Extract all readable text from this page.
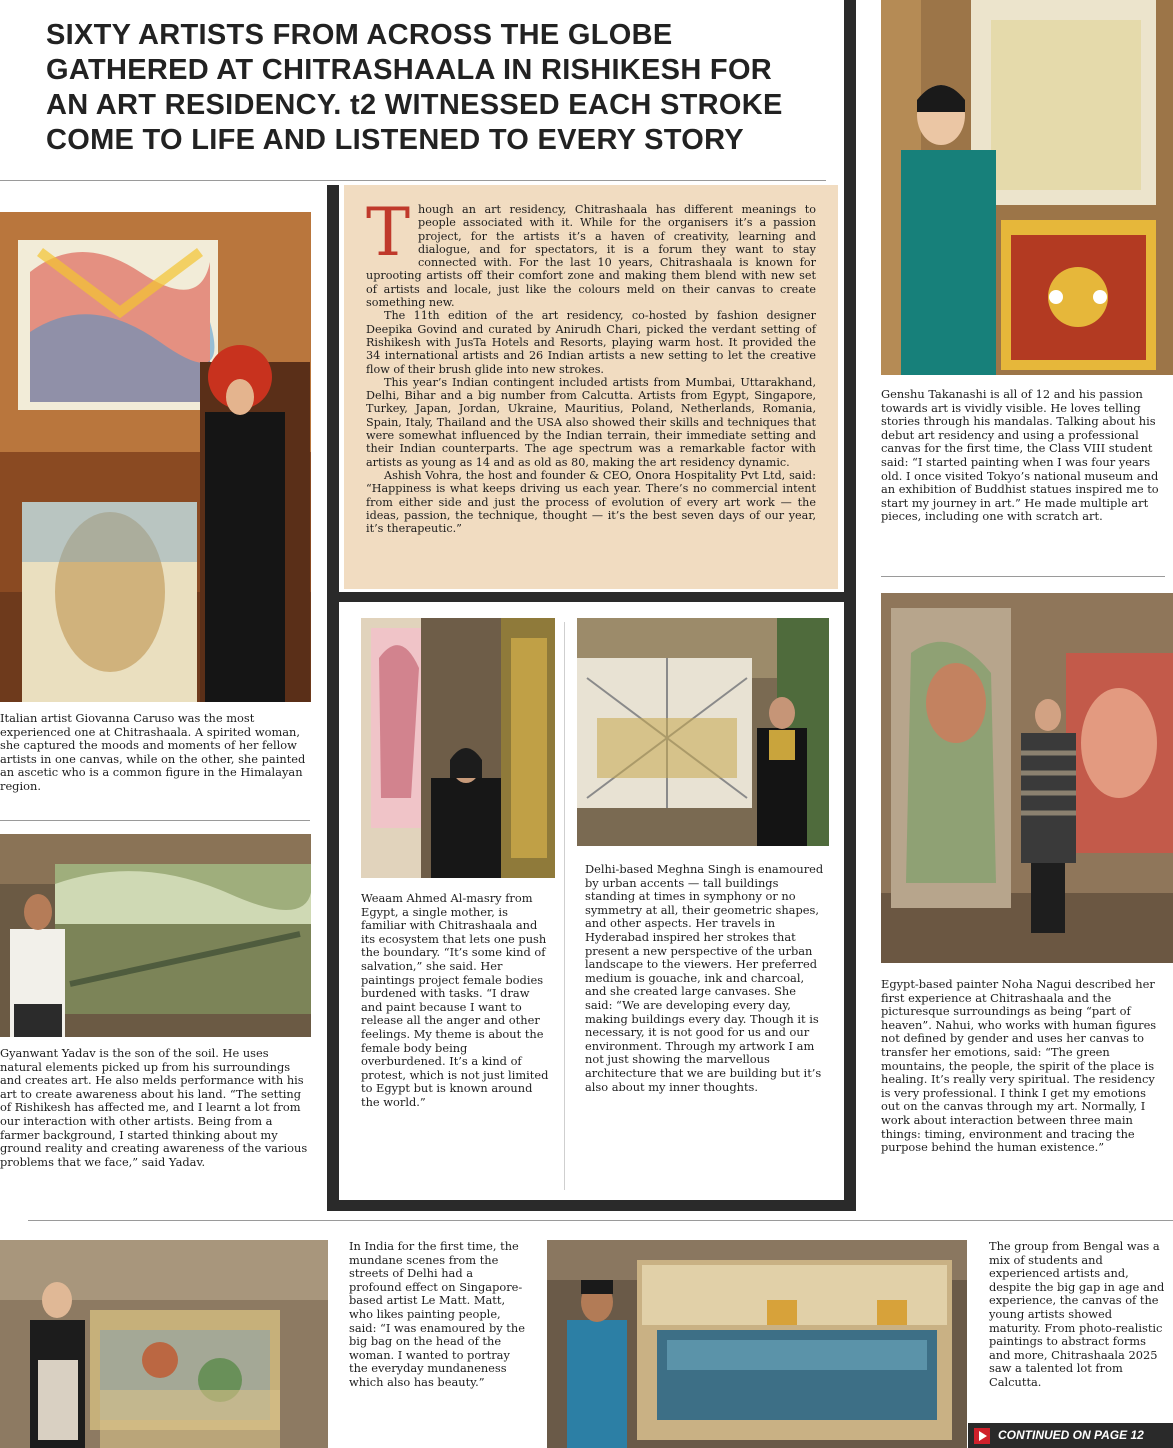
SIXTY ARTISTS FROM ACROSS THE GLOBE GATHERED AT CHITRASHAALA IN RISHIKESH FOR AN ART RESIDENCY. t2 WITNESSED EACH STROKE COME TO LIFE AND LISTENED TO EVERY STORY
T hough an art residency, Chitrashaala has different meanings to people associated with it. While for the organisers it’s a passion project, for the artists it’s a haven of creativity, learning and dialogue, and for spectators, it is a forum they want to stay connected with. For the last 10 years, Chitrashaala is known for uprooting artists off their comfort zone and making them blend with new set of artists and locale, just like the colours meld on their canvas to create something new.

The 11th edition of the art residency, co-hosted by fashion designer Deepika Govind and curated by Anirudh Chari, picked the verdant setting of Rishikesh with JusTa Hotels and Resorts, playing warm host. It provided the 34 international artists and 26 Indian artists a new setting to let the creative flow of their brush glide into new strokes.

This year’s Indian contingent included artists from Mumbai, Uttarakhand, Delhi, Bihar and a big number from Calcutta. Artists from Egypt, Singapore, Turkey, Japan, Jordan, Ukraine, Mauritius, Poland, Netherlands, Romania, Spain, Italy, Thailand and the USA also showed their skills and techniques that were somewhat influenced by the Indian terrain, their immediate setting and their Indian counterparts. The age spectrum was a remarkable factor with artists as young as 14 and as old as 80, making the art residency dynamic.

Ashish Vohra, the host and founder & CEO, Onora Hospitality Pvt Ltd, said: “Happiness is what keeps driving us each year. There’s no commercial intent from either side and just the process of evolution of every art work — the ideas, passion, the technique, thought — it’s the best seven days of our year, it’s therapeutic.”

Italian artist Giovanna Caruso was the most experienced one at Chitrashaala. A spirited woman, she captured the moods and moments of her fellow artists in one canvas, while on the other, she painted an ascetic who is a common figure in the Himalayan region.

Genshu Takanashi is all of 12 and his passion towards art is vividly visible. He loves telling stories through his mandalas. Talking about his debut art residency and using a professional canvas for the first time, the Class VIII student said: “I started painting when I was four years old. I once visited Tokyo’s national museum and an exhibition of Buddhist statues inspired me to start my journey in art.” He made multiple art pieces, including one with scratch art.

Gyanwant Yadav is the son of the soil. He uses natural elements picked up from his surroundings and creates art. He also melds performance with his art to create awareness about his land. “The setting of Rishikesh has affected me, and I learnt a lot from our interaction with other artists. Being from a farmer background, I started thinking about my ground reality and creating awareness of the various problems that we face,” said Yadav.

Weaam Ahmed Al-masry from Egypt, a single mother, is familiar with Chitrashaala and its ecosystem that lets one push the boundary. “It’s some kind of salvation,” she said. Her paintings project female bodies burdened with tasks. “I draw and paint because I want to release all the anger and other feelings. My theme is about the female body being overburdened. It’s a kind of protest, which is not just limited to Egypt but is known around the world.”

Delhi-based Meghna Singh is enamoured by urban accents — tall buildings standing at times in symphony or no symmetry at all, their geometric shapes, and other aspects. Her travels in Hyderabad inspired her strokes that present a new perspective of the urban landscape to the viewers. Her preferred medium is gouache, ink and charcoal, and she created large canvases. She said: “We are developing every day, making buildings every day. Though it is necessary, it is not good for us and our environment. Through my artwork I am not just showing the marvellous architecture that we are building but it’s also about my inner thoughts.

Egypt-based painter Noha Nagui described her first experience at Chitrashaala and the picturesque surroundings as being “part of heaven”. Nahui, who works with human figures not defined by gender and uses her canvas to transfer her emotions, said: “The green mountains, the people, the spirit of the place is healing. It’s really very spiritual. The residency is very professional. I think I get my emotions out on the canvas through my art. Normally, I work about interaction between three main things: timing, environment and tracing the purpose behind the human existence.”

In India for the first time, the mundane scenes from the streets of Delhi had a profound effect on Singapore-based artist Le Matt. Matt, who likes painting people, said: “I was enamoured by the big bag on the head of the woman. I wanted to portray the everyday mundaneness which also has beauty.”

The group from Bengal was a mix of students and experienced artists and, despite the big gap in age and experience, the canvas of the young artists showed maturity. From photo-realistic paintings to abstract forms and more, Chitrashaala 2025 saw a talented lot from Calcutta.

CONTINUED ON PAGE 12
